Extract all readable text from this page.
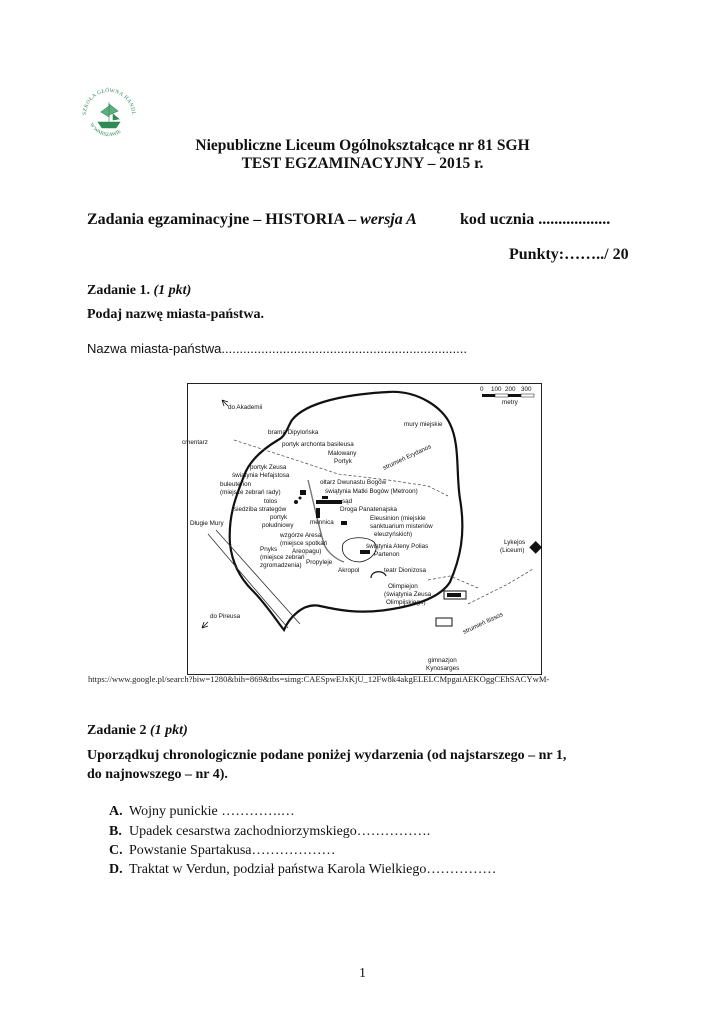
SZKOŁA GŁÓWNA HANDL
W WARSZAWIE
Niepubliczne Liceum Ogólnokształcące nr 81 SGH
TEST EGZAMINACYJNY – 2015 r.
Zadania egzaminacyjne – HISTORIA – wersja A	kod ucznia ..................
Punkty:……../ 20
Zadanie 1. (1 pkt)
Podaj nazwę miasta-państwa.
Nazwa miasta-państwa....................................................................
0 100 200 300
metry
do Akademii
mury miejskie
brama Dipylońska
cmentarz	portyk archonta basileusa
Malowany
Portyk	strumień Erydanos
portyk Zeusa
świątynia Hefajstosa
ołtarz Dwunastu Bogów
buleuterion
(miejsce zebrań rady)	świątynia Matki Bogów (Metroon)
tolos	sąd
siedziba strategów	Droga Panatenajska
portyk
południowy	mennica
Eleusinion (miejskie
sanktuarium misteriów
eleuzyńskich)
Długie Mury
wzgórze Aresa
(miejsce spotkań
Areopagu)
świątynia Ateny Polias
Partenon
Lykejos
(Liceum)
Pnyks
(miejsce zebrań
zgromadzenia) Propyleje
Akropol	teatr Dionizosa
Olimpiejon
(świątynia Zeusa
Olimpijskiego)
do Pireusa	strumień Ilissos
gimnazjon
Kynosarges
https://www.google.pl/search?biw=1280&bih=869&tbs=simg:CAESpwEJxKjU_12Fw8k4akgELELCMpgaiAEKOggCEhSACYwM-
Zadanie 2 (1 pkt)
Uporządkuj chronologicznie podane poniżej wydarzenia (od najstarszego – nr 1,
do najnowszego – nr 4).
A. Wojny punickie ………….…
B. Upadek cesarstwa zachodniorzymskiego…………….
C. Powstanie Spartakusa………………
D. Traktat w Verdun, podział państwa Karola Wielkiego……………
1
